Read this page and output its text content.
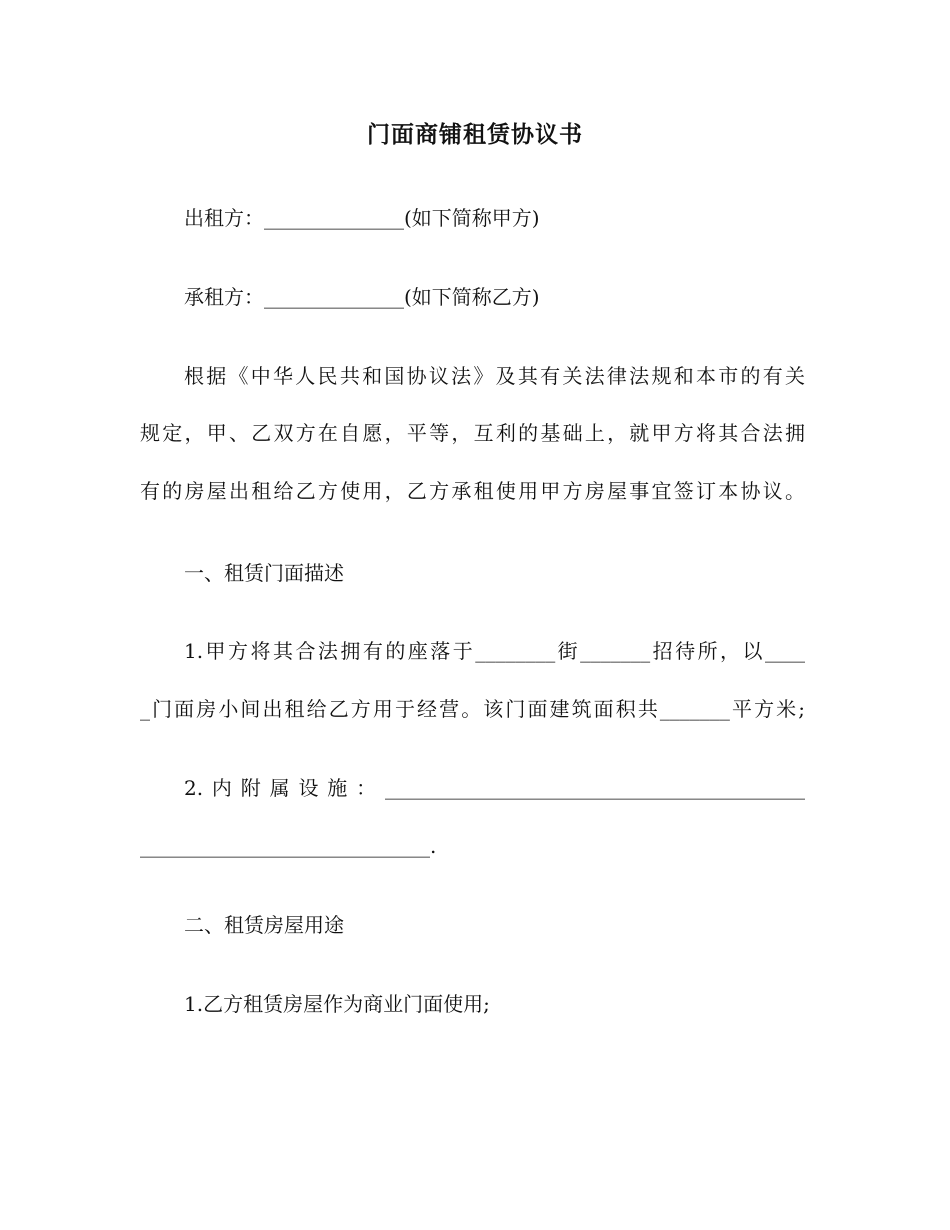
门面商铺租赁协议书
出租方：______________(如下简称甲方)
承租方：______________(如下简称乙方)
根据《中华人民共和国协议法》及其有关法律法规和本市的有关
规定，甲、乙双方在自愿，平等，互利的基础上，就甲方将其合法拥
有的房屋出租给乙方使用，乙方承租使用甲方房屋事宜签订本协议。
一、租赁门面描述
1.甲方将其合法拥有的座落于________街_______招待所，以____
_门面房小间出租给乙方用于经营。该门面建筑面积共_______平方米;
2.内附属设施：__________________________________________
_____________________________.
二、租赁房屋用途
1.乙方租赁房屋作为商业门面使用;
